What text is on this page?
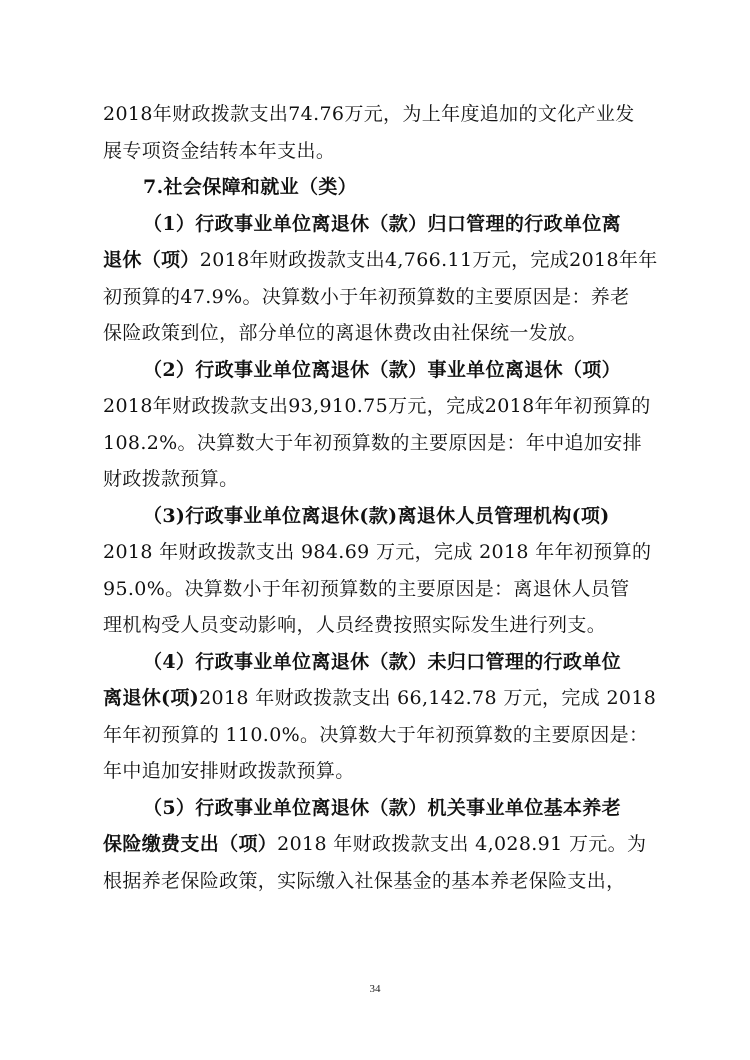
2018年财政拨款支出74.76万元，为上年度追加的文化产业发
展专项资金结转本年支出。
7.社会保障和就业（类）
（1）行政事业单位离退休（款）归口管理的行政单位离
退休（项）2018年财政拨款支出4,766.11万元，完成2018年年
初预算的47.9%。决算数小于年初预算数的主要原因是：养老
保险政策到位，部分单位的离退休费改由社保统一发放。
（2）行政事业单位离退休（款）事业单位离退休（项）
2018年财政拨款支出93,910.75万元，完成2018年年初预算的
108.2%。决算数大于年初预算数的主要原因是：年中追加安排
财政拨款预算。
（3)行政事业单位离退休(款)离退休人员管理机构(项)
2018 年财政拨款支出 984.69 万元，完成 2018 年年初预算的
95.0%。决算数小于年初预算数的主要原因是：离退休人员管
理机构受人员变动影响，人员经费按照实际发生进行列支。
（4）行政事业单位离退休（款）未归口管理的行政单位
离退休(项)2018 年财政拨款支出 66,142.78 万元，完成 2018
年年初预算的 110.0%。决算数大于年初预算数的主要原因是：
年中追加安排财政拨款预算。
（5）行政事业单位离退休（款）机关事业单位基本养老
保险缴费支出（项）2018 年财政拨款支出 4,028.91 万元。为
根据养老保险政策，实际缴入社保基金的基本养老保险支出，
34
